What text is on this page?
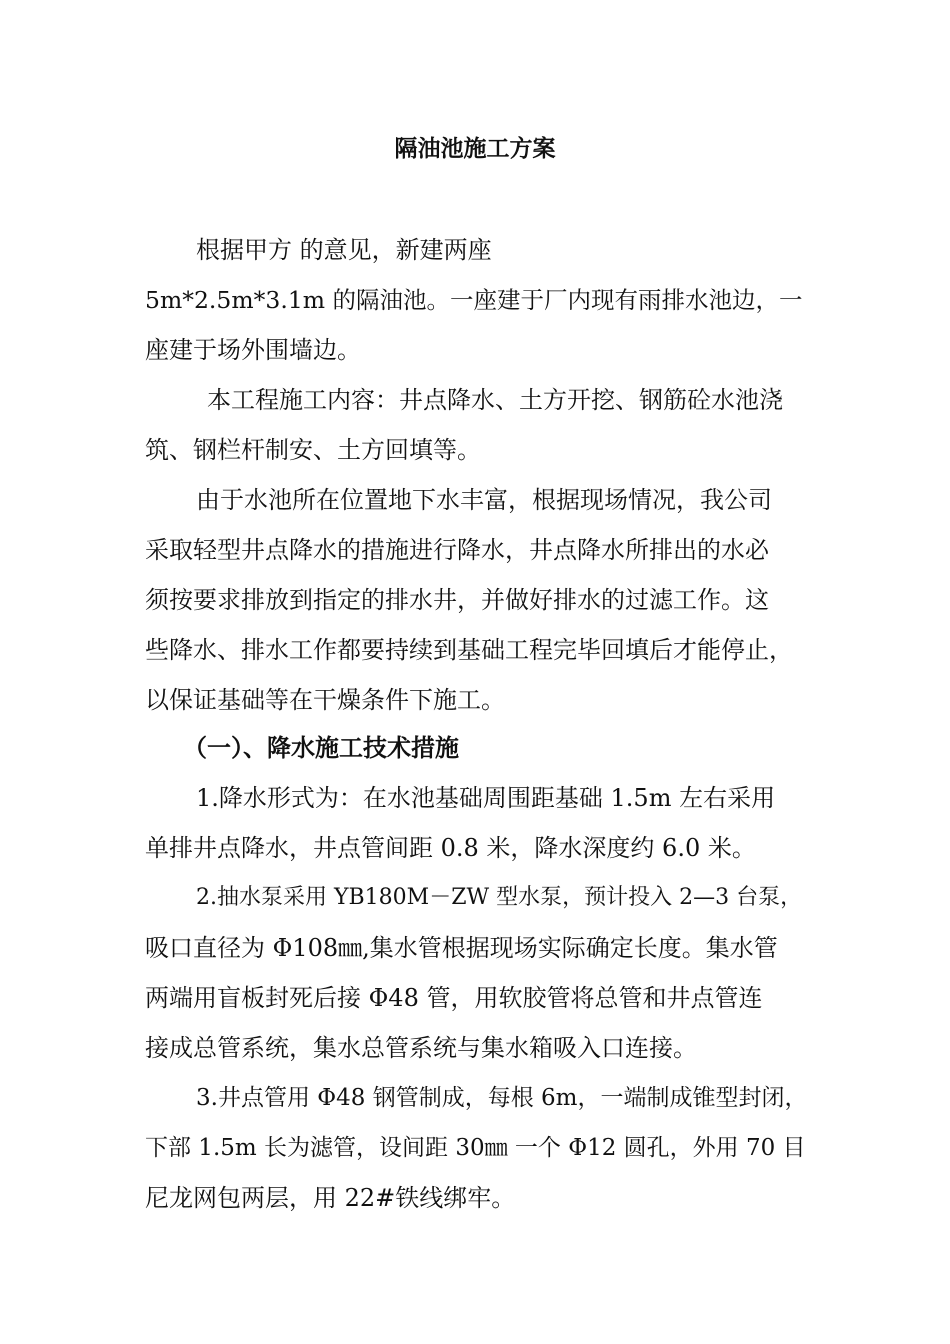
隔油池施工方案
根据甲方 的意见，新建两座
5m*2.5m*3.1m 的隔油池。一座建于厂内现有雨排水池边，一
座建于场外围墙边。
本工程施工内容：井点降水、土方开挖、钢筋砼水池浇
筑、钢栏杆制安、土方回填等。
由于水池所在位置地下水丰富，根据现场情况，我公司
采取轻型井点降水的措施进行降水，井点降水所排出的水必
须按要求排放到指定的排水井，并做好排水的过滤工作。这
些降水、排水工作都要持续到基础工程完毕回填后才能停止，
以保证基础等在干燥条件下施工。
（一）、降水施工技术措施
1.降水形式为：在水池基础周围距基础 1.5m 左右采用
单排井点降水，井点管间距 0.8 米，降水深度约 6.0 米。
2.抽水泵采用 YB180M－ZW 型水泵，预计投入 2—3 台泵，
吸口直径为 Φ108㎜,集水管根据现场实际确定长度。集水管
两端用盲板封死后接 Φ48 管，用软胶管将总管和井点管连
接成总管系统，集水总管系统与集水箱吸入口连接。
3.井点管用 Φ48 钢管制成，每根 6m，一端制成锥型封闭，
下部 1.5m 长为滤管，设间距 30㎜ 一个 Φ12 圆孔，外用 70 目
尼龙网包两层，用 22#铁线绑牢。
